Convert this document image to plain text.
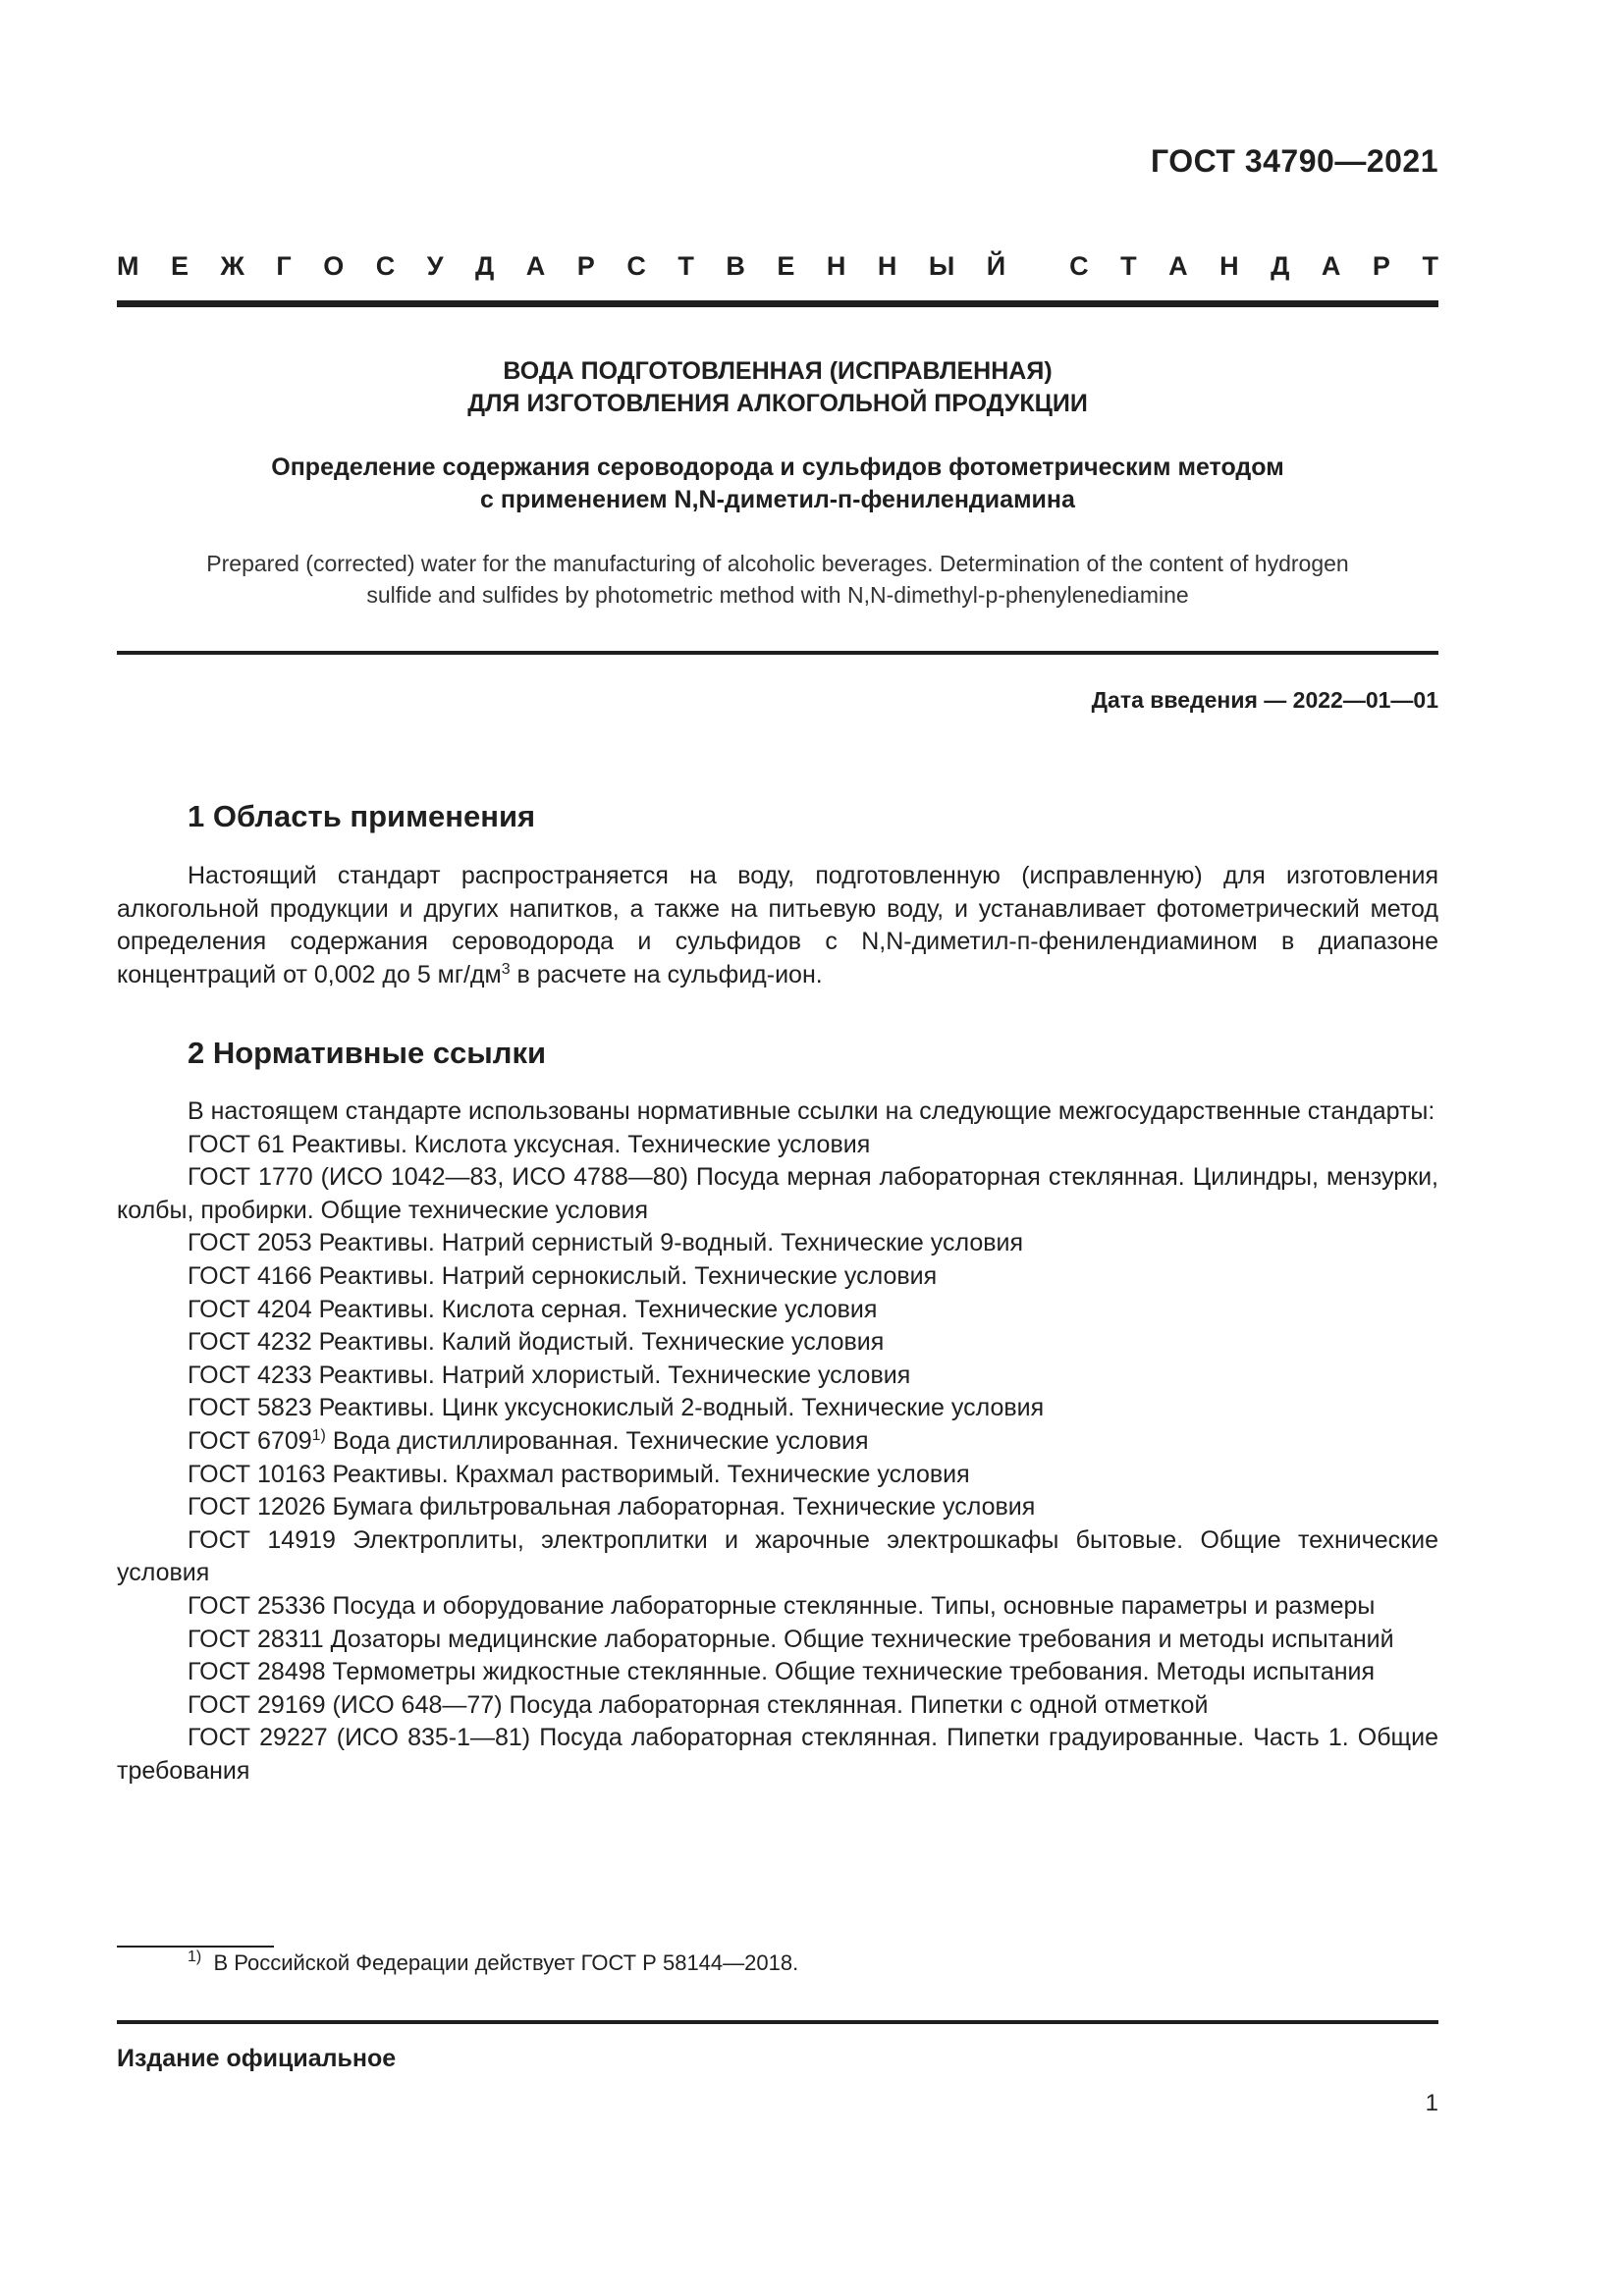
ГОСТ 34790—2021
М Е Ж Г О С У Д А Р С Т В Е Н Н Ы Й С Т А Н Д А Р Т
ВОДА ПОДГОТОВЛЕННАЯ (ИСПРАВЛЕННАЯ)
ДЛЯ ИЗГОТОВЛЕНИЯ АЛКОГОЛЬНОЙ ПРОДУКЦИИ
Определение содержания сероводорода и сульфидов фотометрическим методом
с применением N,N-диметил-п-фенилендиамина
Prepared (corrected) water for the manufacturing of alcoholic beverages. Determination of the content of hydrogen
sulfide and sulfides by photometric method with N,N-dimethyl-p-phenylenediamine
Дата введения — 2022—01—01
1 Область применения

Настоящий стандарт распространяется на воду, подготовленную (исправленную) для изготовления алкогольной продукции и других напитков, а также на питьевую воду, и устанавливает фотометрический метод определения содержания сероводорода и сульфидов с N,N-диметил-п-фенилендиамином в диапазоне концентраций от 0,002 до 5 $мг/дм^3$ в расчете на сульфид-ион.

2 Нормативные ссылки

В настоящем стандарте использованы нормативные ссылки на следующие межгосударственные стандарты:

ГОСТ 61 Реактивы. Кислота уксусная. Технические условия

ГОСТ 1770 (ИСО 1042—83, ИСО 4788—80) Посуда мерная лабораторная стеклянная. Цилиндры, мензурки, колбы, пробирки. Общие технические условия

ГОСТ 2053 Реактивы. Натрий сернистый 9-водный. Технические условия

ГОСТ 4166 Реактивы. Натрий сернокислый. Технические условия

ГОСТ 4204 Реактивы. Кислота серная. Технические условия

ГОСТ 4232 Реактивы. Калий йодистый. Технические условия

ГОСТ 4233 Реактивы. Натрий хлористый. Технические условия

ГОСТ 5823 Реактивы. Цинк уксуснокислый 2-водный. Технические условия

ГОСТ 6709$^{1)}$ Вода дистиллированная. Технические условия

ГОСТ 10163 Реактивы. Крахмал растворимый. Технические условия

ГОСТ 12026 Бумага фильтровальная лабораторная. Технические условия

ГОСТ 14919 Электроплиты, электроплитки и жарочные электрошкафы бытовые. Общие технические условия

ГОСТ 25336 Посуда и оборудование лабораторные стеклянные. Типы, основные параметры и размеры

ГОСТ 28311 Дозаторы медицинские лабораторные. Общие технические требования и методы испытаний

ГОСТ 28498 Термометры жидкостные стеклянные. Общие технические требования. Методы испытания

ГОСТ 29169 (ИСО 648—77) Посуда лабораторная стеклянная. Пипетки с одной отметкой

ГОСТ 29227 (ИСО 835-1—81) Посуда лабораторная стеклянная. Пипетки градуированные. Часть 1. Общие требования

$^{1)}$ В Российской Федерации действует ГОСТ Р 58144—2018.
Издание официальное
1
